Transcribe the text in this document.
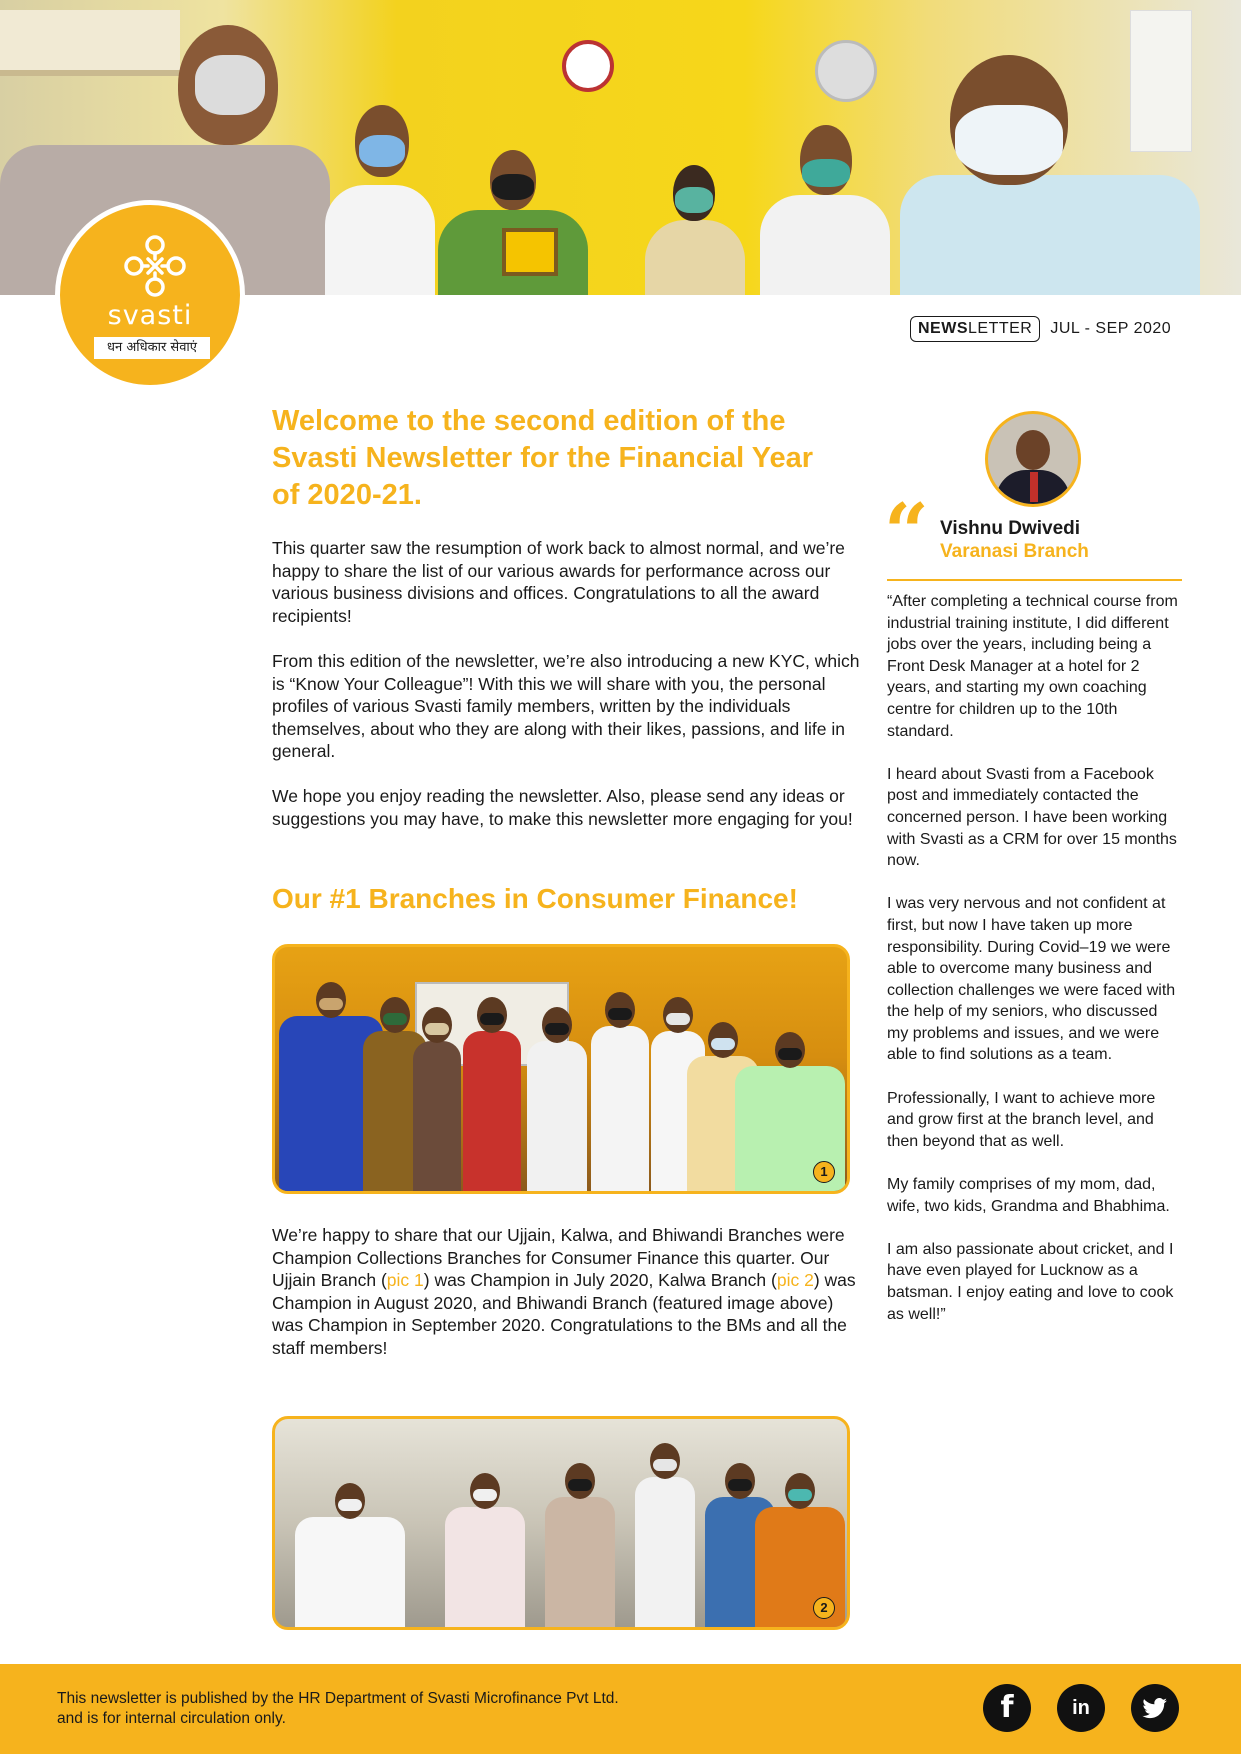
svasti
धन अधिकार सेवाएं
NEWSLETTER	JUL - SEP 2020
Welcome to the second edition of the Svasti Newsletter for the Financial Year of 2020-21.
This quarter saw the resumption of work back to almost normal, and we’re happy to share the list of our various awards for performance across our various business divisions and offices. Congratulations to all the award recipients!
From this edition of the newsletter, we’re also introducing a new KYC, which is “Know Your Colleague”! With this we will share with you, the personal profiles of various Svasti family members, written by the individuals themselves, about who they are along with their likes, passions, and life in general.
We hope you enjoy reading the newsletter. Also, please send any ideas or suggestions you may have, to make this newsletter more engaging for you!
Our #1 Branches in Consumer Finance!
1
We’re happy to share that our Ujjain, Kalwa, and Bhiwandi Branches were Champion Collections Branches for Consumer Finance this quarter. Our Ujjain Branch (pic 1) was Champion in July 2020, Kalwa Branch (pic 2) was Champion in August 2020, and Bhiwandi Branch (featured image above) was Champion in September 2020. Congratulations to the BMs and all the staff members!
2
“ Vishnu Dwivedi
Varanasi Branch

“After completing a technical course from industrial training institute, I did different jobs over the years, including being a Front Desk Manager at a hotel for 2 years, and starting my own coaching centre for children up to the 10th standard.

I heard about Svasti from a Facebook post and immediately contacted the concerned person. I have been working with Svasti as a CRM for over 15 months now.

I was very nervous and not confident at first, but now I have taken up more responsibility. During Covid–19 we were able to overcome many business and collection challenges we were faced with the help of my seniors, who discussed my problems and issues, and we were able to find solutions as a team.

Professionally, I want to achieve more and grow first at the branch level, and then beyond that as well.

My family comprises of my mom, dad, wife, two kids, Grandma and Bhabhima.

I am also passionate about cricket, and I have even played for Lucknow as a batsman. I enjoy eating and love to cook as well!”

This newsletter is published by the HR Department of Svasti Microfinance Pvt Ltd.
and is for internal circulation only.	f	in
